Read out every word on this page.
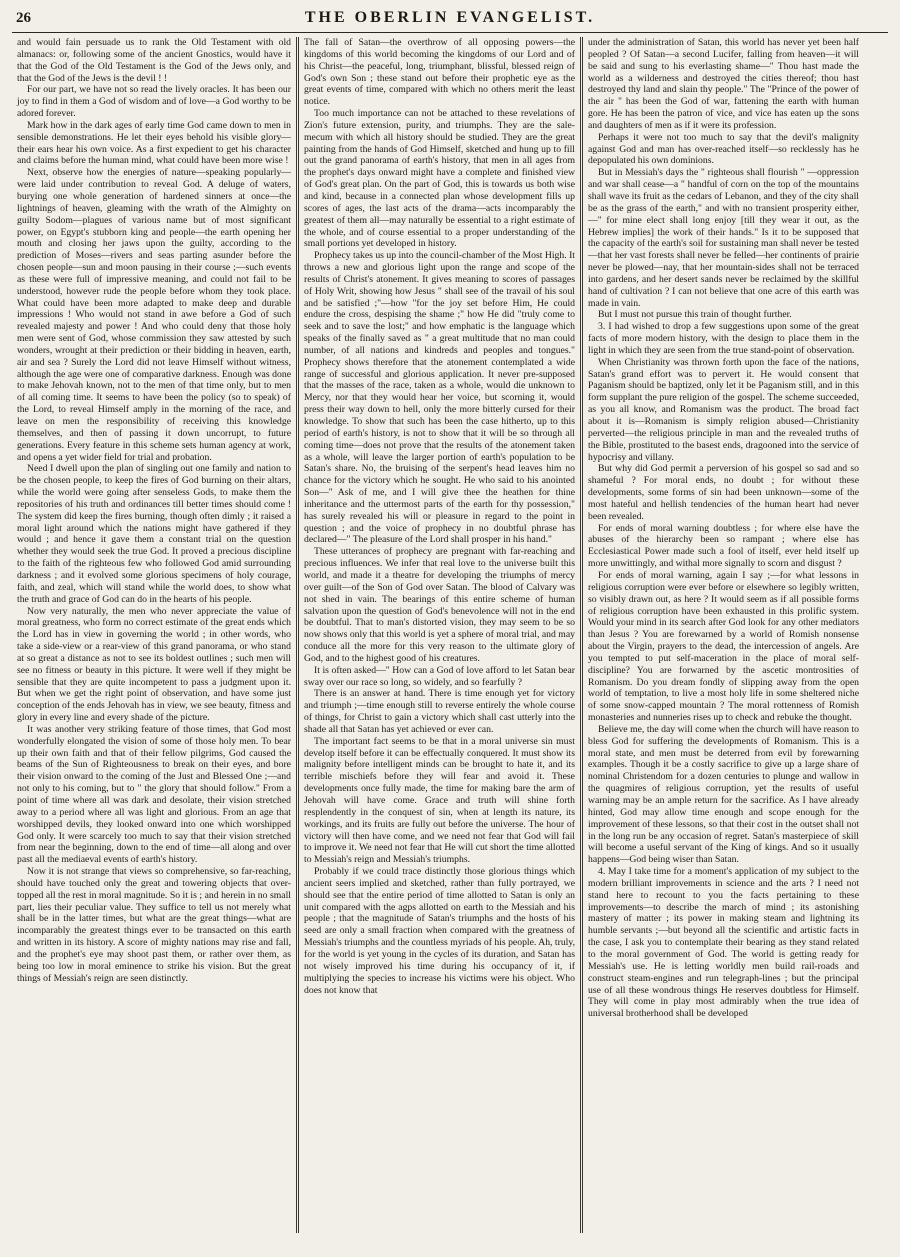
26	THE OBERLIN EVANGELIST.

and would fain persuade us to rank the Old Testament with old almanacs: or, following some of the ancient Gnostics, would have it that the God of the Old Testament is the God of the Jews only, and that the God of the Jews is the devil ! !

For our part, we have not so read the lively oracles. It has been our joy to find in them a God of wisdom and of love—a God worthy to be adored forever.

Mark how in the dark ages of early time God came down to men in sensible demonstrations. He let their eyes behold his visible glory—their ears hear his own voice. As a first expedient to get his character and claims before the human mind, what could have been more wise !

Next, observe how the energies of nature—speaking popularly—were laid under contribution to reveal God. A deluge of waters, burying one whole generation of hardened sinners at once—the lightnings of heaven, gleaming with the wrath of the Almighty on guilty Sodom—plagues of various name but of most significant power, on Egypt's stubborn king and people—the earth opening her mouth and closing her jaws upon the guilty, according to the prediction of Moses—rivers and seas parting asunder before the chosen people—sun and moon pausing in their course ;—such events as these were full of impressive meaning, and could not fail to be understood, however rude the people before whom they took place. What could have been more adapted to make deep and durable impressions ! Who would not stand in awe before a God of such revealed majesty and power ! And who could deny that those holy men were sent of God, whose commission they saw attested by such wonders, wrought at their prediction or their bidding in heaven, earth, air and sea ? Surely the Lord did not leave Himself without witness, although the age were one of comparative darkness. Enough was done to make Jehovah known, not to the men of that time only, but to men of all coming time. It seems to have been the policy (so to speak) of the Lord, to reveal Himself amply in the morning of the race, and leave on men the responsibility of receiving this knowledge themselves, and then of passing it down uncorrupt, to future generations. Every feature in this scheme sets human agency at work, and opens a yet wider field for trial and probation.

Need I dwell upon the plan of singling out one family and nation to be the chosen people, to keep the fires of God burning on their altars, while the world were going after senseless Gods, to make them the repositories of his truth and ordinances till better times should come ! The system did keep the fires burning, though often dimly ; it raised a moral light around which the nations might have gathered if they would ; and hence it gave them a constant trial on the question whether they would seek the true God. It proved a precious discipline to the faith of the righteous few who followed God amid surrounding darkness ; and it evolved some glorious specimens of holy courage, faith, and zeal, which will stand while the world does, to show what the truth and grace of God can do in the hearts of his people.

Now very naturally, the men who never appreciate the value of moral greatness, who form no correct estimate of the great ends which the Lord has in view in governing the world ; in other words, who take a side-view or a rear-view of this grand panorama, or who stand at so great a distance as not to see its boldest outlines ; such men will see no fitness or beauty in this picture. It were well if they might be sensible that they are quite incompetent to pass a judgment upon it. But when we get the right point of observation, and have some just conception of the ends Jehovah has in view, we see beauty, fitness and glory in every line and every shade of the picture.

It was another very striking feature of those times, that God most wonderfully elongated the vision of some of those holy men. To bear up their own faith and that of their fellow pilgrims, God caused the beams of the Sun of Righteousness to break on their eyes, and bore their vision onward to the coming of the Just and Blessed One ;—and not only to his coming, but to " the glory that should follow." From a point of time where all was dark and desolate, their vision stretched away to a period where all was light and glorious. From an age that worshipped devils, they looked onward into one which worshipped God only. It were scarcely too much to say that their vision stretched from near the beginning, down to the end of time—all along and over past all the mediaeval events of earth's history.

Now it is not strange that views so comprehensive, so far-reaching, should have touched only the great and towering objects that over-topped all the rest in moral magnitude. So it is ; and herein in no small part, lies their peculiar value. They suffice to tell us not merely what shall be in the latter times, but what are the great things—what are incomparably the greatest things ever to be transacted on this earth and written in its history. A score of mighty nations may rise and fall, and the prophet's eye may shoot past them, or rather over them, as being too low in moral eminence to strike his vision. But the great things of Messiah's reign are seen distinctly.

The fall of Satan—the overthrow of all opposing powers—the kingdoms of this world becoming the kingdoms of our Lord and of his Christ—the peaceful, long, triumphant, blissful, blessed reign of God's own Son ; these stand out before their prophetic eye as the great events of time, compared with which no others merit the least notice.

Too much importance can not be attached to these revelations of Zion's future extension, purity, and triumphs. They are the sale-mecum with which all history should be studied. They are the great painting from the hands of God Himself, sketched and hung up to fill out the grand panorama of earth's history, that men in all ages from the prophet's days onward might have a complete and finished view of God's great plan. On the part of God, this is towards us both wise and kind, because in a connected plan whose development fills up scores of ages, the last acts of the drama—acts incomparably the greatest of them all—may naturally be essential to a right estimate of the whole, and of course essential to a proper understanding of the small portions yet developed in history.

Prophecy takes us up into the council-chamber of the Most High. It throws a new and glorious light upon the range and scope of the results of Christ's atonement. It gives meaning to scores of passages of Holy Writ, showing how Jesus " shall see of the travail of his soul and be satisfied ;"—how "for the joy set before Him, He could endure the cross, despising the shame ;" how He did "truly come to seek and to save the lost;" and how emphatic is the language which speaks of the finally saved as " a great multitude that no man could number, of all nations and kindreds and peoples and tongues." Prophecy shows therefore that the atonement contemplated a wide range of successful and glorious application. It never pre-supposed that the masses of the race, taken as a whole, would die unknown to Mercy, nor that they would hear her voice, but scorning it, would press their way down to hell, only the more bitterly cursed for their knowledge. To show that such has been the case hitherto, up to this period of earth's history, is not to show that it will be so through all coming time—does not prove that the results of the atonement taken as a whole, will leave the larger portion of earth's population to be Satan's share. No, the bruising of the serpent's head leaves him no chance for the victory which he sought. He who said to his anointed Son—" Ask of me, and I will give thee the heathen for thine inheritance and the uttermost parts of the earth for thy possession," has surely revealed his will or pleasure in regard to the point in question ; and the voice of prophecy in no doubtful phrase has declared—" The pleasure of the Lord shall prosper in his hand."

These utterances of prophecy are pregnant with far-reaching and precious influences. We infer that real love to the universe built this world, and made it a theatre for developing the triumphs of mercy over guilt—of the Son of God over Satan. The blood of Calvary was not shed in vain. The bearings of this entire scheme of human salvation upon the question of God's benevolence will not in the end be doubtful. That to man's distorted vision, they may seem to be so now shows only that this world is yet a sphere of moral trial, and may conduce all the more for this very reason to the ultimate glory of God, and to the highest good of his creatures.

It is often asked—" How can a God of love afford to let Satan bear sway over our race so long, so widely, and so fearfully ?

There is an answer at hand. There is time enough yet for victory and triumph ;—time enough still to reverse entirely the whole course of things, for Christ to gain a victory which shall cast utterly into the shade all that Satan has yet achieved or ever can.

The important fact seems to be that in a moral universe sin must develop itself before it can be effectually conquered. It must show its malignity before intelligent minds can be brought to hate it, and its terrible mischiefs before they will fear and avoid it. These developments once fully made, the time for making bare the arm of Jehovah will have come. Grace and truth will shine forth resplendently in the conquest of sin, when at length its nature, its workings, and its fruits are fully out before the universe. The hour of victory will then have come, and we need not fear that God will fail to improve it. We need not fear that He will cut short the time allotted to Messiah's reign and Messiah's triumphs.

Probably if we could trace distinctly those glorious things which ancient seers implied and sketched, rather than fully portrayed, we should see that the entire period of time allotted to Satan is only an unit compared with the agps allotted on earth to the Messiah and his people ; that the magnitude of Satan's triumphs and the hosts of his seed are only a small fraction when compared with the greatness of Messiah's triumphs and the countless myriads of his people. Ah, truly, for the world is yet young in the cycles of its duration, and Satan has not wisely improved his time during his occupancy of it, if multiplying the species to increase his victims were his object. Who does not know that

under the administration of Satan, this world has never yet been half peopled ? Of Satan—a second Lucifer, falling from heaven—it will be said and sung to his everlasting shame—" Thou hast made the world as a wilderness and destroyed the cities thereof; thou hast destroyed thy land and slain thy people." The "Prince of the power of the air " has been the God of war, fattening the earth with human gore. He has been the patron of vice, and vice has eaten up the sons and daughters of men as if it were its profession.

Perhaps it were not too much to say that the devil's malignity against God and man has over-reached itself—so recklessly has he depopulated his own dominions.

But in Messiah's days the " righteous shall flourish " —oppression and war shall cease—a " handful of corn on the top of the mountains shall wave its fruit as the cedars of Lebanon, and they of the city shall be as the grass of the earth," and with no transient prosperity either,—" for mine elect shall long enjoy [till they wear it out, as the Hebrew implies] the work of their hands." Is it to be supposed that the capacity of the earth's soil for sustaining man shall never be tested—that her vast forests shall never be felled—her continents of prairie never be plowed—nay, that her mountain-sides shall not be terraced into gardens, and her desert sands never be reclaimed by the skillful hand of cultivation ? I can not believe that one acre of this earth was made in vain.

But I must not pursue this train of thought further.

3. I had wished to drop a few suggestions upon some of the great facts of more modern history, with the design to place them in the light in which they are seen from the true stand-point of observation.

When Christianity was thrown forth upon the face of the nations, Satan's grand effort was to pervert it. He would consent that Paganism should be baptized, only let it be Paganism still, and in this form supplant the pure religion of the gospel. The scheme succeeded, as you all know, and Romanism was the product. The broad fact about it is—Romanism is simply religion abused—Christianity perverted—the religious principle in man and the revealed truths of the Bible, prostituted to the basest ends, dragooned into the service of hypocrisy and villany.

But why did God permit a perversion of his gospel so sad and so shameful ? For moral ends, no doubt ; for without these developments, some forms of sin had been unknown—some of the most hateful and hellish tendencies of the human heart had never been revealed.

For ends of moral warning doubtless ; for where else have the abuses of the hierarchy been so rampant ; where else has Ecclesiastical Power made such a fool of itself, ever held itself up more unwittingly, and withal more signally to scorn and disgust ?

For ends of moral warning, again I say ;—for what lessons in religious corruption were ever before or elsewhere so legibly written, so visibly drawn out, as here ? It would seem as if all possible forms of religious corruption have been exhausted in this prolific system. Would your mind in its search after God look for any other mediators than Jesus ? You are forewarned by a world of Romish nonsense about the Virgin, prayers to the dead, the intercession of angels. Are you tempted to put self-maceration in the place of moral self-discipline? You are forwarned by the ascetic montrosities of Romanism. Do you dream fondly of slipping away from the open world of temptation, to live a most holy life in some sheltered niche of some snow-capped mountain ? The moral rottenness of Romish monasteries and nunneries rises up to check and rebuke the thought.

Believe me, the day will come when the church will have reason to bless God for suffering the developments of Romanism. This is a moral state, and men must be deterred from evil by forewarning examples. Though it be a costly sacrifice to give up a large share of nominal Christendom for a dozen centuries to plunge and wallow in the quagmires of religious corruption, yet the results of useful warning may be an ample return for the sacrifice. As I have already hinted, God may allow time enough and scope enough for the improvement of these lessons, so that their cost in the outset shall not in the long run be any occasion of regret. Satan's masterpiece of skill will become a useful servant of the King of kings. And so it usually happens—God being wiser than Satan.

4. May I take time for a moment's application of my subject to the modern brilliant improvements in science and the arts ? I need not stand here to recount to you the facts pertaining to these improvements—to describe the march of mind ; its astonishing mastery of matter ; its power in making steam and lightning its humble servants ;—but beyond all the scientific and artistic facts in the case, I ask you to contemplate their bearing as they stand related to the moral government of God. The world is getting ready for Messiah's use. He is letting worldly men build rail-roads and construct steam-engines and run telegraph-lines ; but the principal use of all these wondrous things He reserves doubtless for Himself. They will come in play most admirably when the true idea of universal brotherhood shall be developed
